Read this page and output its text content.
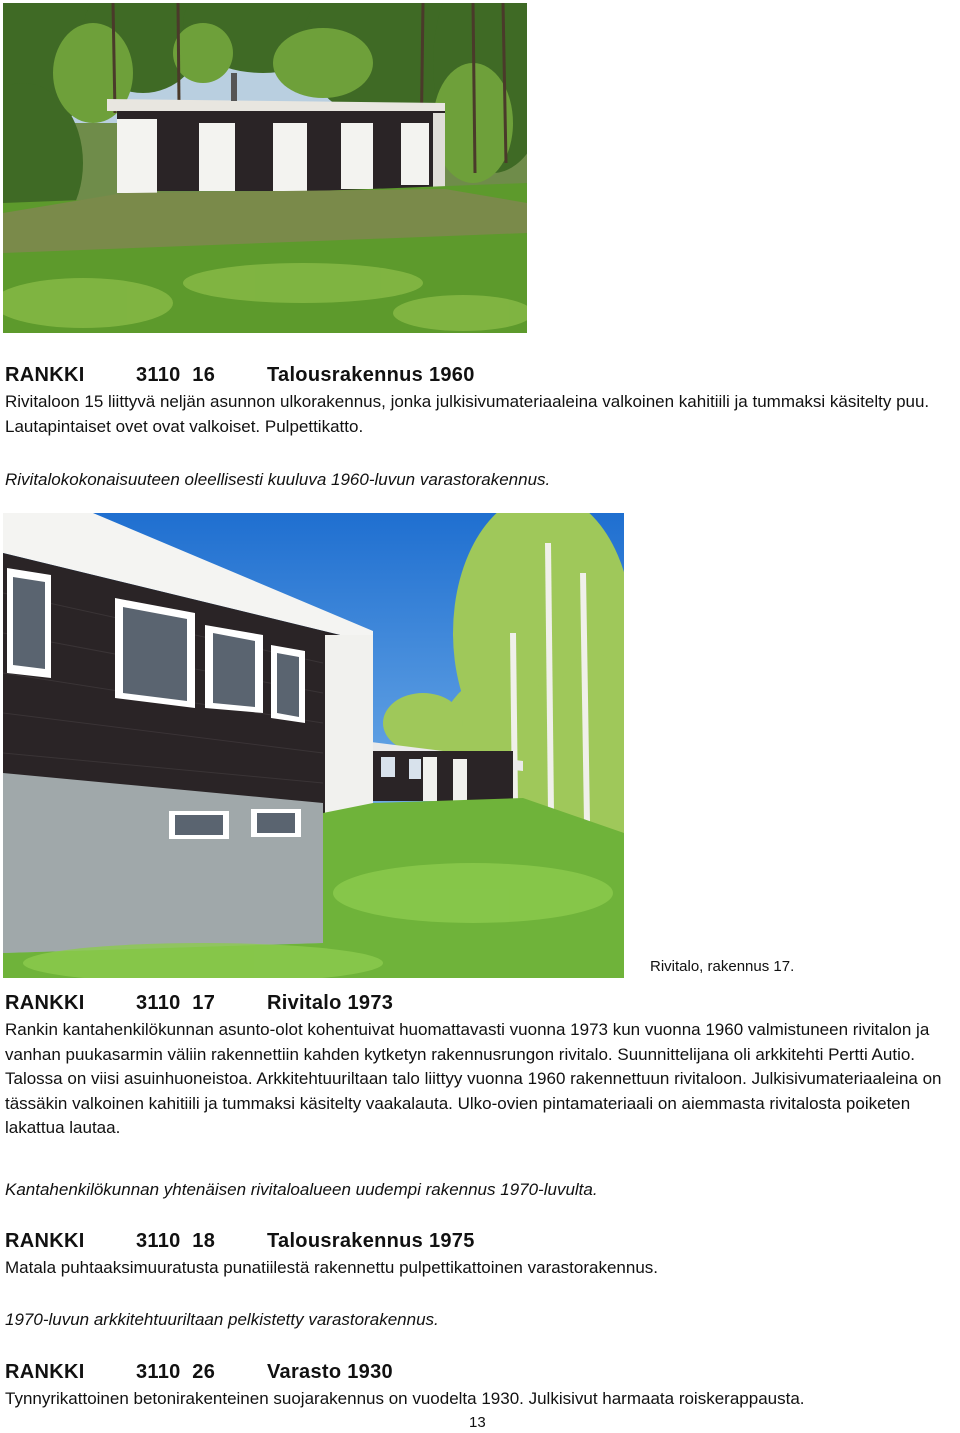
RANKKI	3110  16	Talousrakennus 1960
Rivitaloon 15 liittyvä neljän asunnon ulkorakennus, jonka julkisivumateriaaleina valkoinen kahitiili ja tummaksi käsitelty puu. Lautapintaiset ovet ovat valkoiset. Pulpettikatto.
Rivitalokokonaisuuteen oleellisesti kuuluva 1960-luvun varastorakennus.
Rivitalo, rakennus 17.
RANKKI	3110  17	Rivitalo 1973
Rankin kantahenkilökunnan asunto-olot kohentuivat huomattavasti vuonna 1973 kun vuonna 1960 valmistuneen rivitalon ja vanhan puukasarmin väliin rakennettiin kahden kytketyn rakennusrungon rivitalo. Suunnittelijana oli arkkitehti Pertti Autio. Talossa on viisi asuinhuoneistoa. Arkkitehtuuriltaan talo liittyy vuonna 1960 rakennettuun rivitaloon. Julkisivumateriaaleina on tässäkin valkoinen kahitiili ja tummaksi käsitelty vaakalauta. Ulko-ovien pintamateriaali on aiemmasta rivitalosta poiketen lakattua lautaa.
Kantahenkilökunnan yhtenäisen rivitaloalueen uudempi rakennus 1970-luvulta.
RANKKI	3110  18	Talousrakennus 1975
Matala puhtaaksimuuratusta punatiilestä rakennettu pulpettikattoinen varastorakennus.
1970-luvun arkkitehtuuriltaan pelkistetty varastorakennus.
RANKKI	3110  26	Varasto 1930
Tynnyrikattoinen betonirakenteinen suojarakennus on vuodelta 1930. Julkisivut harmaata roiskerappausta.
13
